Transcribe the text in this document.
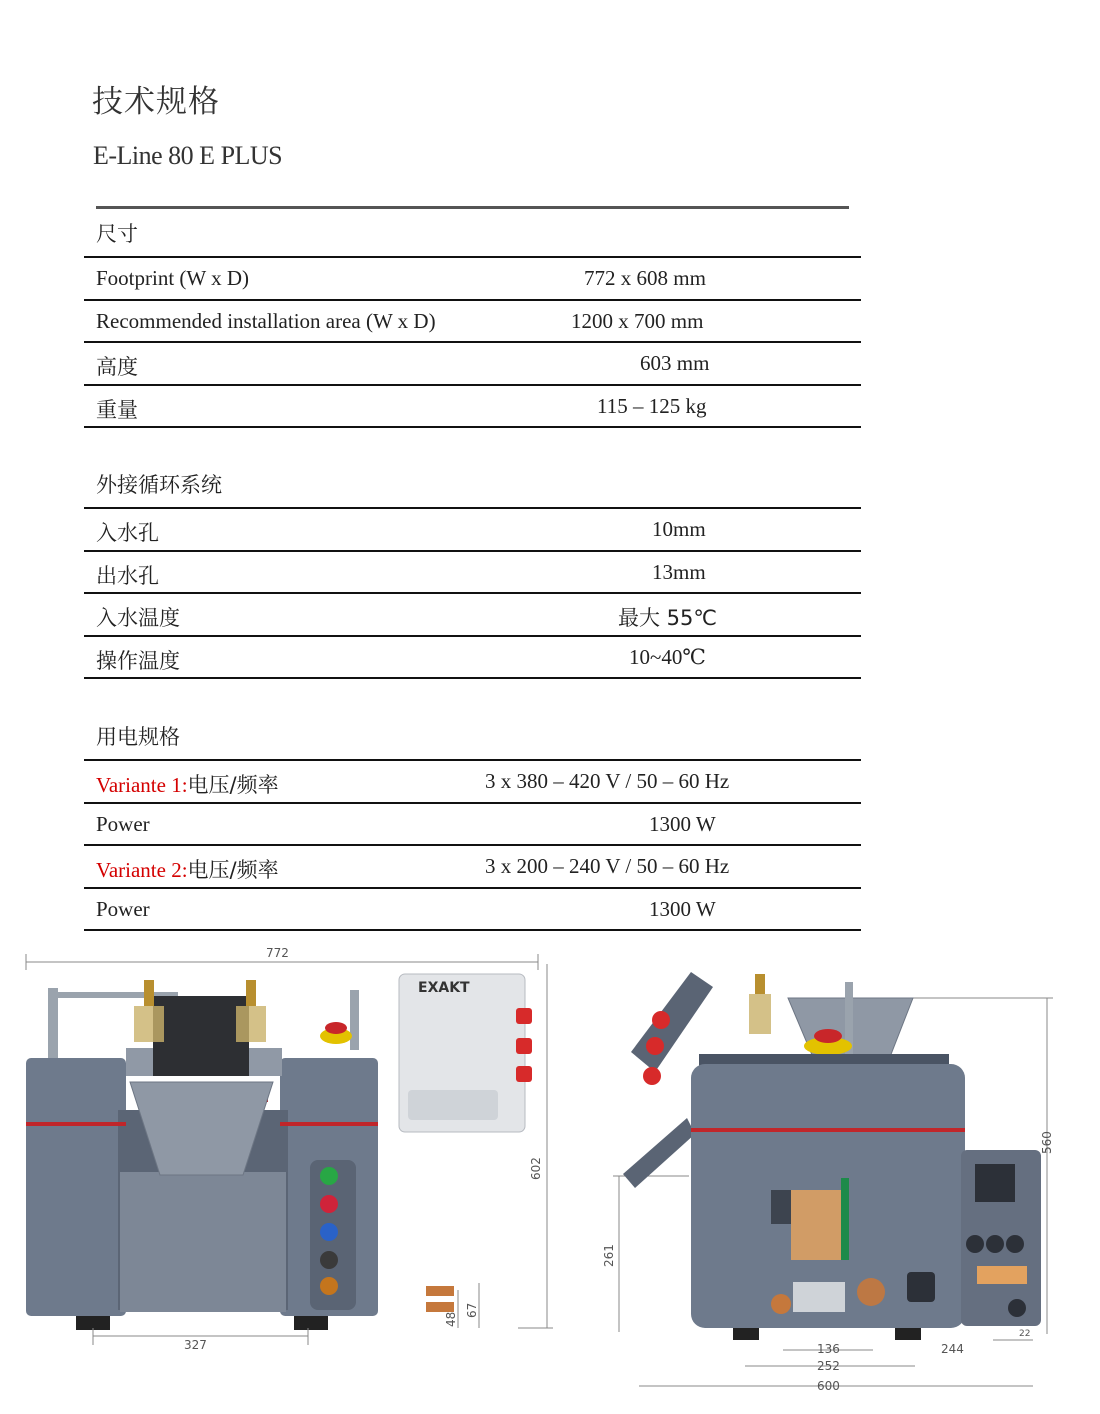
技术规格
E-Line 80 E PLUS
尺寸
Footprint (W x D)	772 x 608 mm
Recommended installation area (W x D)	1200 x 700 mm
高度	603 mm
重量	115 – 125 kg
外接循环系统
入水孔	10mm
出水孔	13mm
入水温度	最大 55℃
操作温度	10~40℃
用电规格
Variante 1:电压/频率	3 x 380 – 420 V / 50 – 60 Hz
Power	1300 W
Variante 2:电压/频率	3 x 200 – 240 V / 50 – 60 Hz
Power	1300 W
772
602
EXAKT
327
48
67
560
261
136
252
600
244
22
